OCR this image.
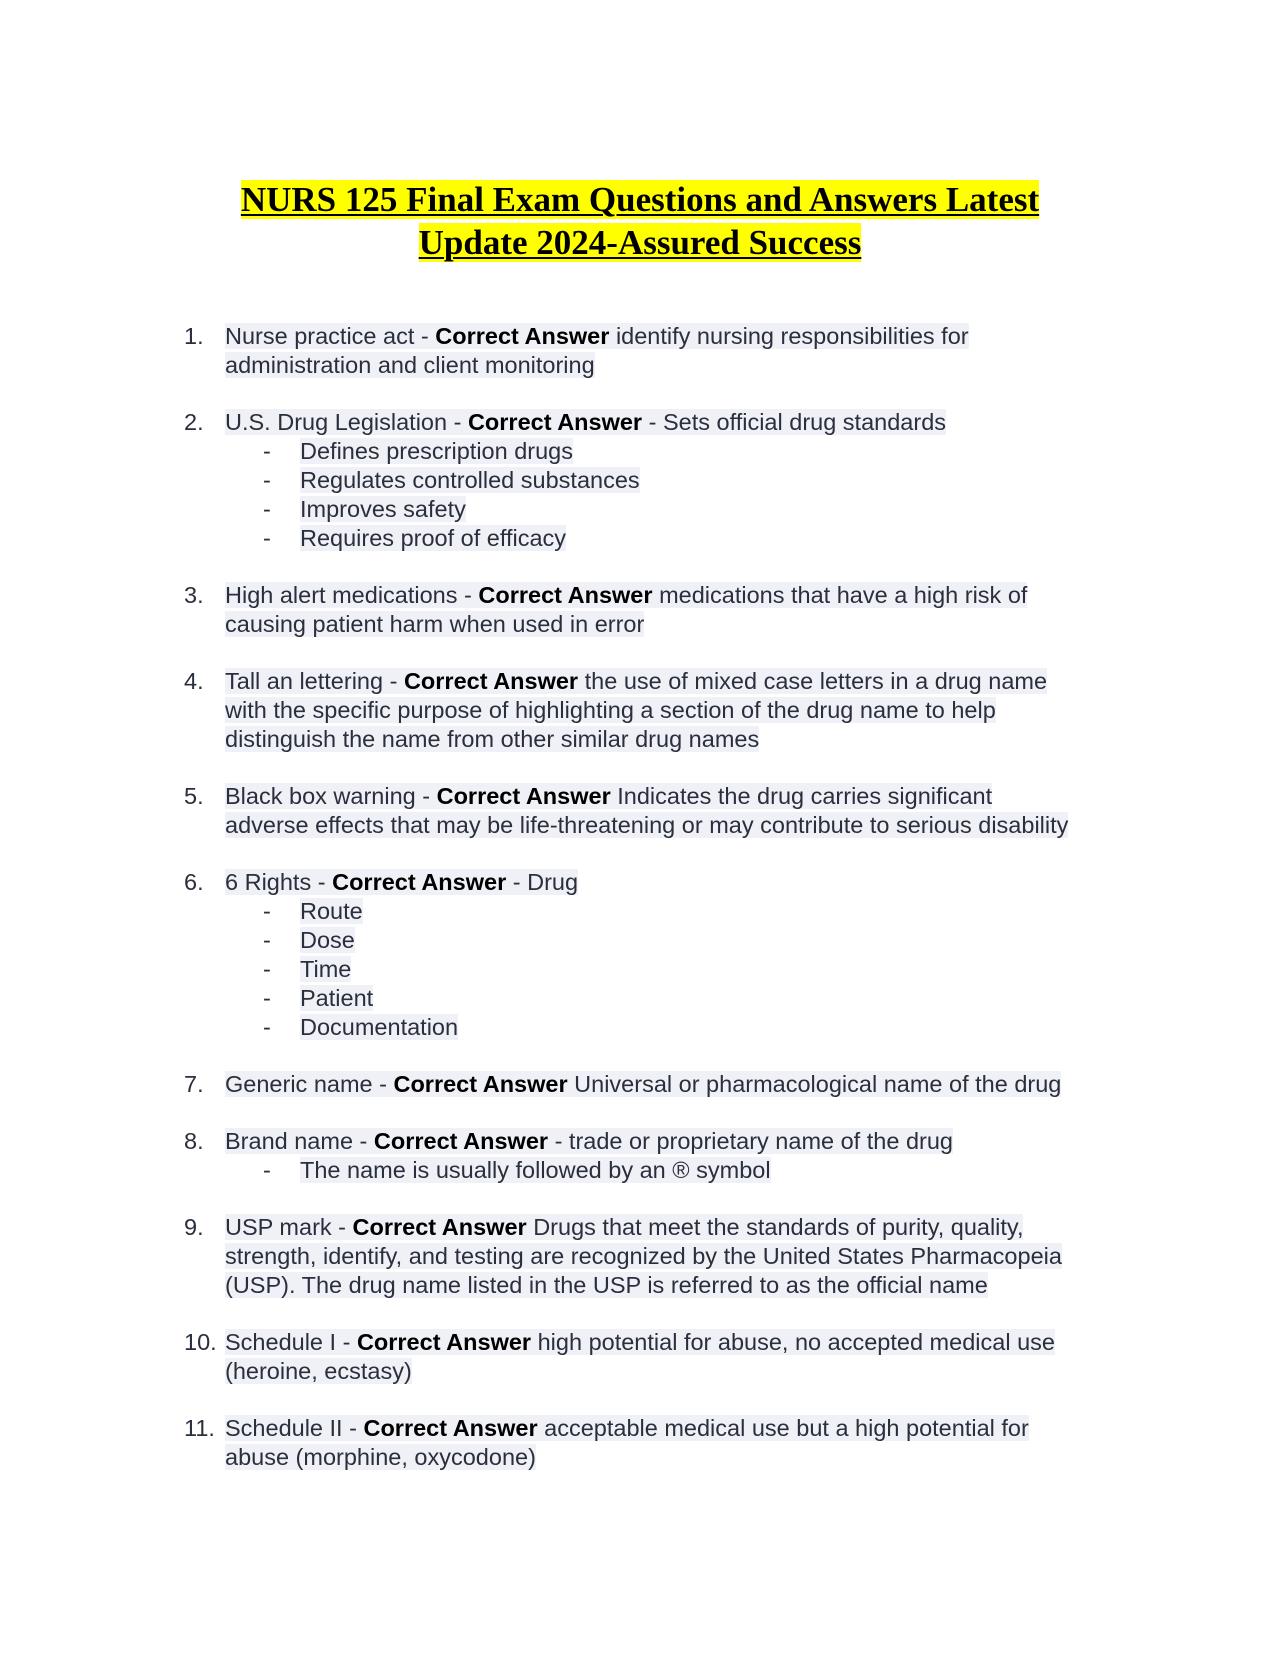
NURS 125 Final Exam Questions and Answers Latest
Update 2024-Assured Success
1. Nurse practice act - Correct Answer identify nursing responsibilities for
administration and client monitoring
2. U.S. Drug Legislation - Correct Answer - Sets official drug standards
- Defines prescription drugs
- Regulates controlled substances
- Improves safety
- Requires proof of efficacy
3. High alert medications - Correct Answer medications that have a high risk of
causing patient harm when used in error
4. Tall an lettering - Correct Answer the use of mixed case letters in a drug name
with the specific purpose of highlighting a section of the drug name to help
distinguish the name from other similar drug names
5. Black box warning - Correct Answer Indicates the drug carries significant
adverse effects that may be life-threatening or may contribute to serious disability
6. 6 Rights - Correct Answer - Drug
- Route
- Dose
- Time
- Patient
- Documentation
7. Generic name - Correct Answer Universal or pharmacological name of the drug
8. Brand name - Correct Answer - trade or proprietary name of the drug
- The name is usually followed by an ® symbol
9. USP mark - Correct Answer Drugs that meet the standards of purity, quality,
strength, identify, and testing are recognized by the United States Pharmacopeia
(USP). The drug name listed in the USP is referred to as the official name
10. Schedule I - Correct Answer high potential for abuse, no accepted medical use
(heroine, ecstasy)
11. Schedule II - Correct Answer acceptable medical use but a high potential for
abuse (morphine, oxycodone)
